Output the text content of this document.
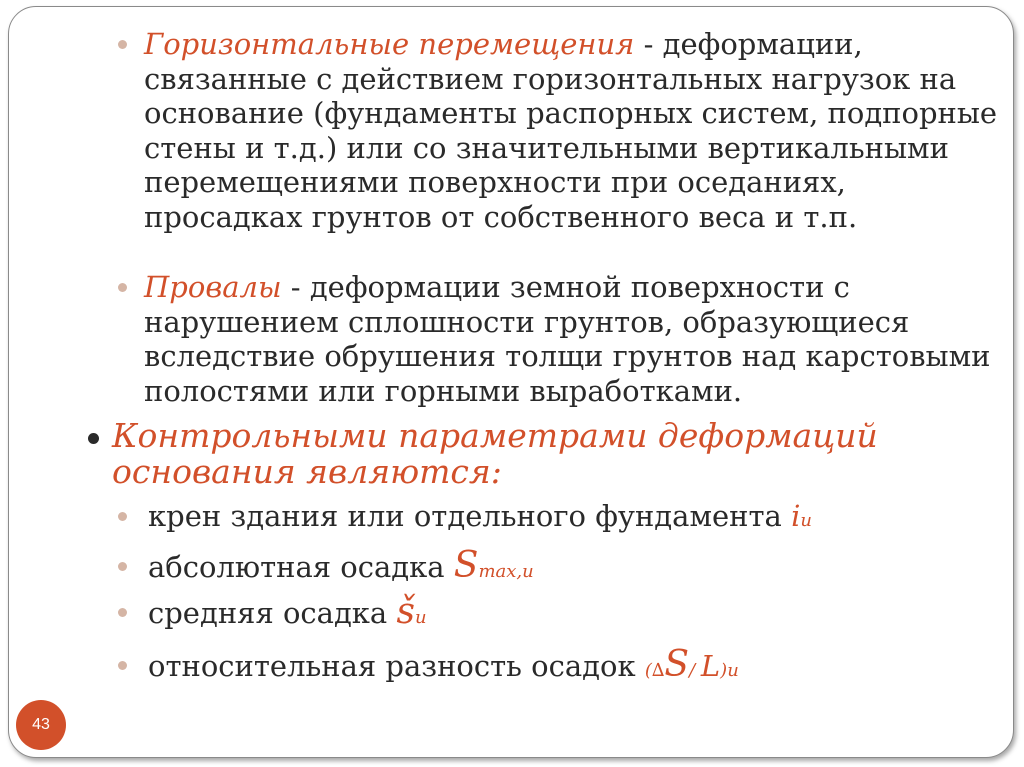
Горизонтальные перемещения - деформации, связанные с действием горизонтальных нагрузок на основание (фундаменты распорных систем, подпорные стены и т.д.) или со значительными вертикальными перемещениями поверхности при оседаниях, просадках грунтов от собственного веса и т.п.
Провалы - деформации земной поверхности с нарушением сплошности грунтов, образующиеся вследствие обрушения толщи грунтов над карстовыми полостями или горными выработками.
Контрольными параметрами деформаций основания являются:
крен здания или отдельного фундамента iu
абсолютная осадка Smax,u
средняя осадка šu
относительная разность осадок (∆S/ L)u
43
